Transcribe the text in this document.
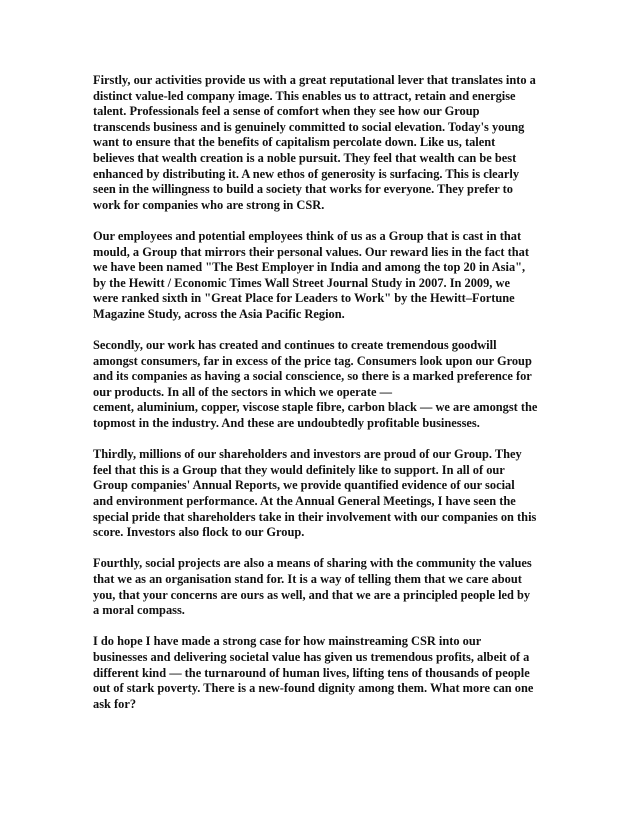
Firstly, our activities provide us with a great reputational lever that translates into a
distinct value-led company image. This enables us to attract, retain and energise
talent. Professionals feel a sense of comfort when they see how our Group
transcends business and is genuinely committed to social elevation. Today's young
want to ensure that the benefits of capitalism percolate down. Like us, talent
believes that wealth creation is a noble pursuit. They feel that wealth can be best
enhanced by distributing it. A new ethos of generosity is surfacing. This is clearly
seen in the willingness to build a society that works for everyone. They prefer to
work for companies who are strong in CSR.

Our employees and potential employees think of us as a Group that is cast in that
mould, a Group that mirrors their personal values. Our reward lies in the fact that
we have been named "The Best Employer in India and among the top 20 in Asia",
by the Hewitt / Economic Times Wall Street Journal Study in 2007. In 2009, we
were ranked sixth in "Great Place for Leaders to Work" by the Hewitt–Fortune
Magazine Study, across the Asia Pacific Region.

Secondly, our work has created and continues to create tremendous goodwill
amongst consumers, far in excess of the price tag. Consumers look upon our Group
and its companies as having a social conscience, so there is a marked preference for
our products. In all of the sectors in which we operate —
cement, aluminium, copper, viscose staple fibre, carbon black — we are amongst the
topmost in the industry. And these are undoubtedly profitable businesses.

Thirdly, millions of our shareholders and investors are proud of our Group. They
feel that this is a Group that they would definitely like to support. In all of our
Group companies' Annual Reports, we provide quantified evidence of our social
and environment performance. At the Annual General Meetings, I have seen the
special pride that shareholders take in their involvement with our companies on this
score. Investors also flock to our Group.

Fourthly, social projects are also a means of sharing with the community the values
that we as an organisation stand for. It is a way of telling them that we care about
you, that your concerns are ours as well, and that we are a principled people led by
a moral compass.

I do hope I have made a strong case for how mainstreaming CSR into our
businesses and delivering societal value has given us tremendous profits, albeit of a
different kind — the turnaround of human lives, lifting tens of thousands of people
out of stark poverty. There is a new-found dignity among them. What more can one
ask for?
